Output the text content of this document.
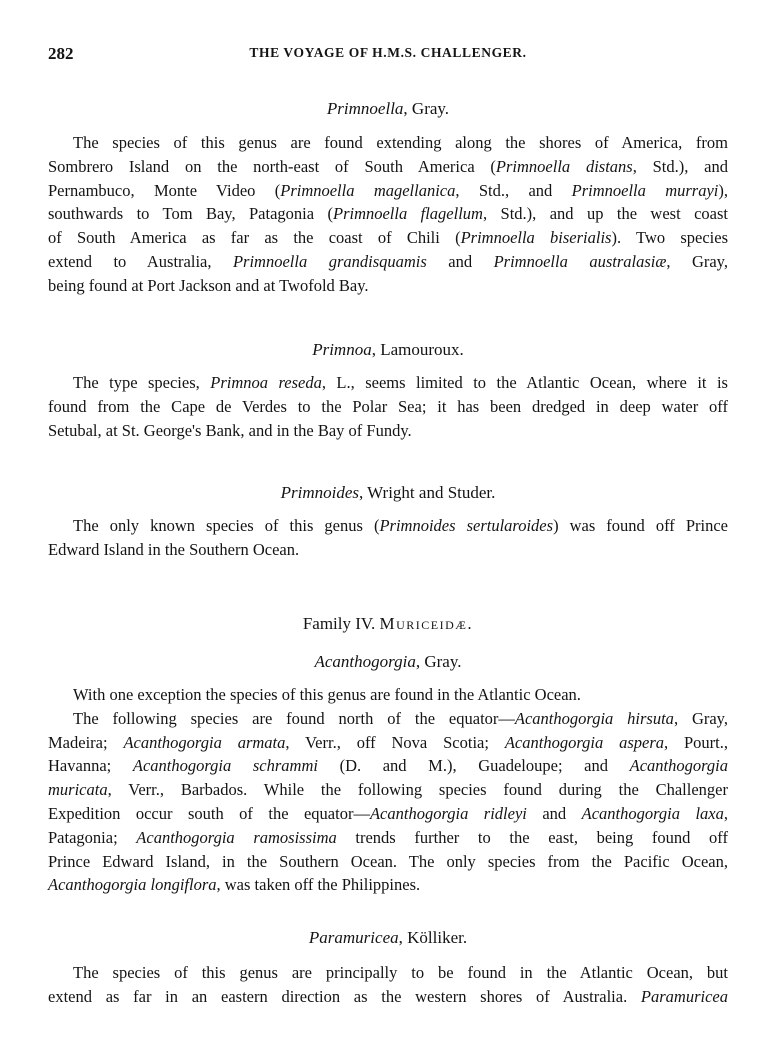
282	THE VOYAGE OF H.M.S. CHALLENGER.
Primnoella, Gray.
The species of this genus are found extending along the shores of America, from
Sombrero Island on the north-east of South America (Primnoella distans, Std.), and
Pernambuco, Monte Video (Primnoella magellanica, Std., and Primnoella murrayi),
southwards to Tom Bay, Patagonia (Primnoella flagellum, Std.), and up the west coast
of South America as far as the coast of Chili (Primnoella biserialis). Two species
extend to Australia, Primnoella grandisquamis and Primnoella australasiæ, Gray,
being found at Port Jackson and at Twofold Bay.
Primnoa, Lamouroux.
The type species, Primnoa reseda, L., seems limited to the Atlantic Ocean, where it is
found from the Cape de Verdes to the Polar Sea; it has been dredged in deep water off
Setubal, at St. George's Bank, and in the Bay of Fundy.
Primnoides, Wright and Studer.
The only known species of this genus (Primnoides sertularoides) was found off Prince
Edward Island in the Southern Ocean.
Family IV. Muriceidæ.
Acanthogorgia, Gray.
With one exception the species of this genus are found in the Atlantic Ocean.
The following species are found north of the equator—Acanthogorgia hirsuta, Gray,
Madeira; Acanthogorgia armata, Verr., off Nova Scotia; Acanthogorgia aspera, Pourt.,
Havanna; Acanthogorgia schrammi (D. and M.), Guadeloupe; and Acanthogorgia
muricata, Verr., Barbados. While the following species found during the Challenger
Expedition occur south of the equator—Acanthogorgia ridleyi and Acanthogorgia laxa,
Patagonia; Acanthogorgia ramosissima trends further to the east, being found off
Prince Edward Island, in the Southern Ocean. The only species from the Pacific Ocean,
Acanthogorgia longiflora, was taken off the Philippines.
Paramuricea, Kölliker.
The species of this genus are principally to be found in the Atlantic Ocean, but
extend as far in an eastern direction as the western shores of Australia. Paramuricea
